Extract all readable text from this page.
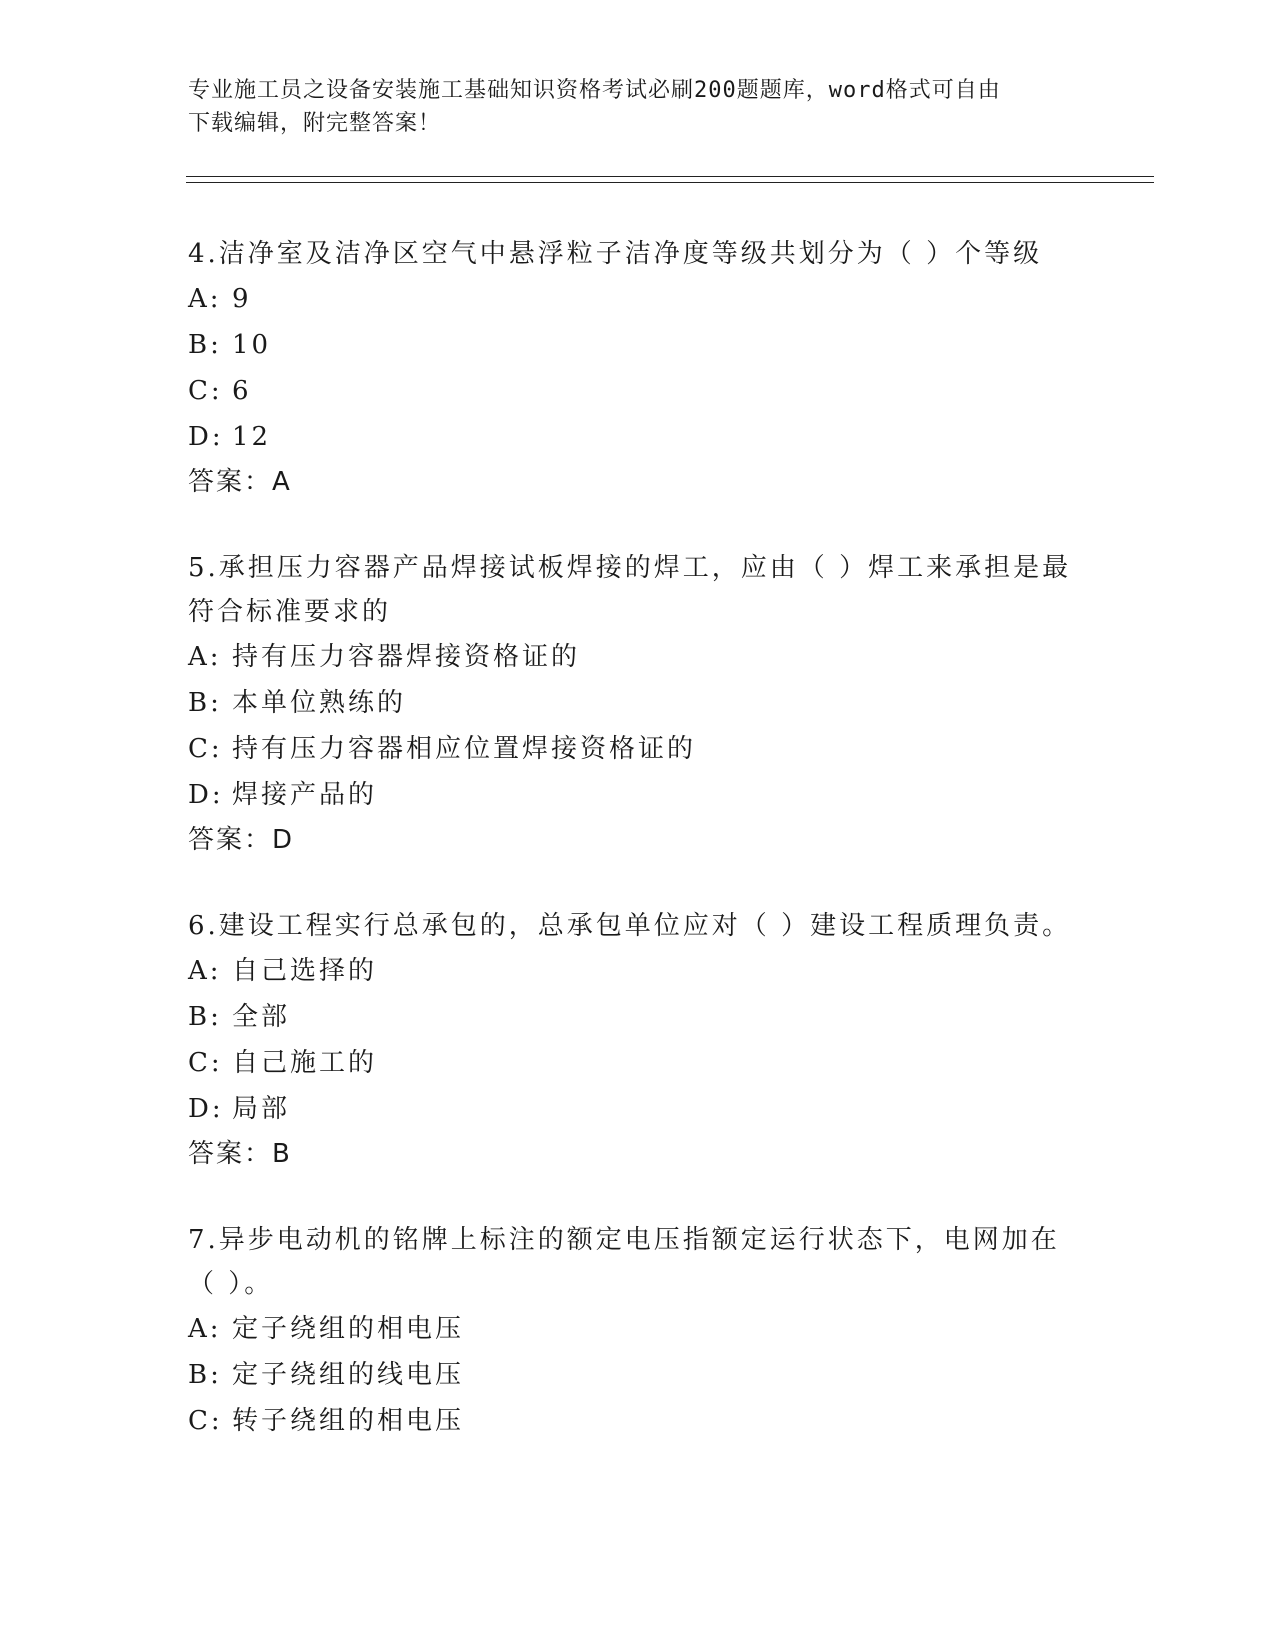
专业施工员之设备安装施工基础知识资格考试必刷200题题库，word格式可自由
下载编辑，附完整答案！

4.洁净室及洁净区空气中悬浮粒子洁净度等级共划分为（ ）个等级

A: 9

B: 10

C: 6

D: 12

答案：A

5.承担压力容器产品焊接试板焊接的焊工，应由（ ）焊工来承担是最符合标准要求的

A: 持有压力容器焊接资格证的

B: 本单位熟练的

C: 持有压力容器相应位置焊接资格证的

D: 焊接产品的

答案：D

6.建设工程实行总承包的，总承包单位应对（ ）建设工程质理负责。

A: 自己选择的

B: 全部

C: 自己施工的

D: 局部

答案：B

7.异步电动机的铭牌上标注的额定电压指额定运行状态下，电网加在（ ）。

A: 定子绕组的相电压

B: 定子绕组的线电压

C: 转子绕组的相电压
